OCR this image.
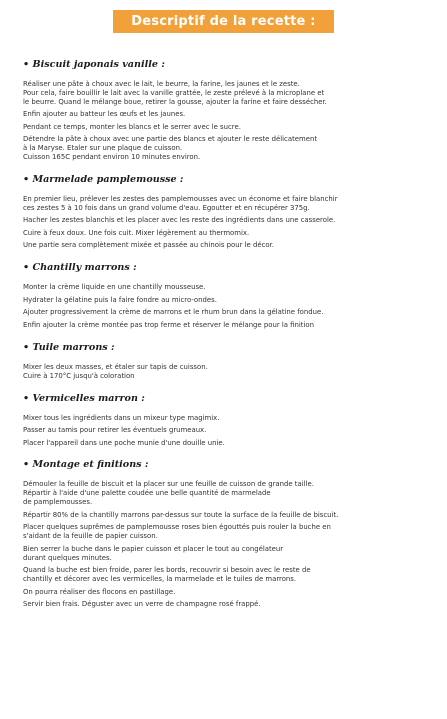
Descriptif de la recette :
• Biscuit japonais vanille :
Réaliser une pâte à choux avec le lait, le beurre, la farine, les jaunes et le zeste.
Pour cela, faire bouillir le lait avec la vanille grattée, le zeste prélevé à la microplane et
le beurre. Quand le mélange boue, retirer la gousse, ajouter la farine et faire dessécher.
Enfin ajouter au batteur les œufs et les jaunes.
Pendant ce temps, monter les blancs et le serrer avec le sucre.
Détendre la pâte à choux avec une partie des blancs et ajouter le reste délicatement
à la Maryse. Etaler sur une plaque de cuisson.
Cuisson 165C pendant environ 10 minutes environ.
• Marmelade pamplemousse :
En premier lieu, prélever les zestes des pamplemousses avec un économe et faire blanchir
ces zestes 5 à 10 fois dans un grand volume d'eau. Egoutter et en récupérer 375g.
Hacher les zestes blanchis et les placer avec les reste des ingrédients dans une casserole.
Cuire à feux doux. Une fois cuit. Mixer légèrement au thermomix.
Une partie sera complètement mixée et passée au chinois pour le décor.
• Chantilly marrons :
Monter la crème liquide en une chantilly mousseuse.
Hydrater la gélatine puis la faire fondre au micro-ondes.
Ajouter progressivement la crème de marrons et le rhum brun dans la gélatine fondue.
Enfin ajouter la crème montée pas trop ferme et réserver le mélange pour la finition
• Tuile marrons :
Mixer les deux masses, et étaler sur tapis de cuisson.
Cuire à 170°C jusqu'à coloration
• Vermicelles marron :
Mixer tous les ingrédients dans un mixeur type magimix.
Passer au tamis pour retirer les éventuels grumeaux.
Placer l'appareil dans une poche munie d'une douille unie.
• Montage et finitions :
Démouler la feuille de biscuit et la placer sur une feuille de cuisson de grande taille.
Répartir à l'aide d'une palette coudée une belle quantité de marmelade
de pamplemousses.
Répartir 80% de la chantilly marrons par-dessus sur toute la surface de la feuille de biscuit.
Placer quelques suprêmes de pamplemousse roses bien égouttés puis rouler la buche en
s'aidant de la feuille de papier cuisson.
Bien serrer la buche dans le papier cuisson et placer le tout au congélateur
durant quelques minutes.
Quand la buche est bien froide, parer les bords, recouvrir si besoin avec le reste de
chantilly et décorer avec les vermicelles, la marmelade et le tuiles de marrons.
On pourra réaliser des flocons en pastillage.
Servir bien frais. Déguster avec un verre de champagne rosé frappé.
